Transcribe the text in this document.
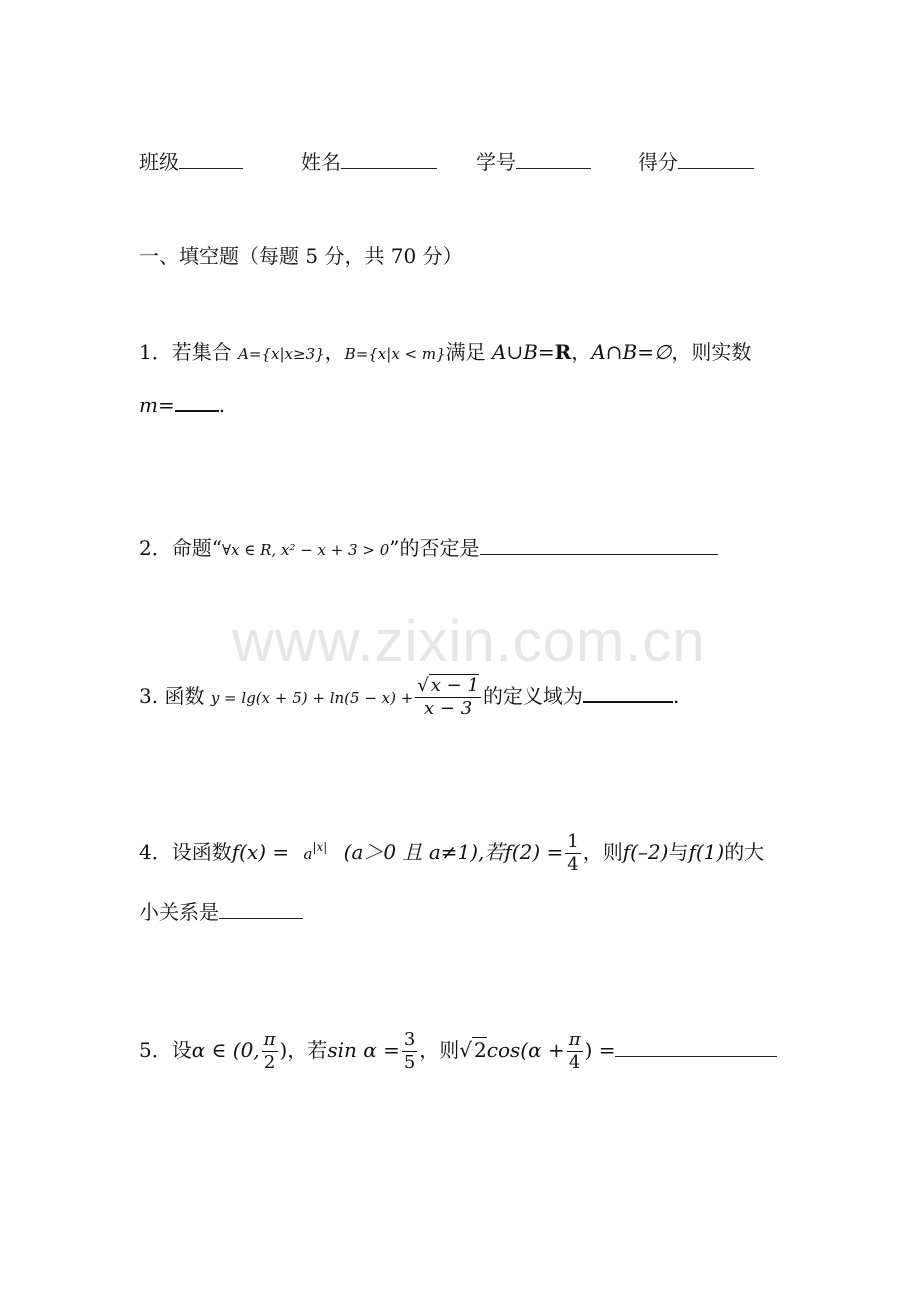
班级	姓名	学号	得分
一、填空题（每题 5 分，共 70 分）
1．若集合 A={x|x≥3}，B={x|x < m}满足 A∪B=R，A∩B=∅，则实数
m= .
2．命题“∀x ∈ R, x² − x + 3 > 0”的否定是
www.zixin.com.cn
3. 函数 $y = \lg(x + 5) + \ln(5 - x) + \frac{√ x - 1}{x - 3}$ 的定义域为	.
4．设函数$f(x) = a^{|x|}$ (a＞0 且 a≠1),若$f(2) = \frac{1}{4}$ ，则f(–2)与f(1)的大
小关系是
5．设α ∈ (0, $\frac{\pi}{2}$ )，若$\sin \alpha = \frac{3}{5}$ ，则√ $2\cos(\alpha + \frac{\pi}{4}$ ) =
